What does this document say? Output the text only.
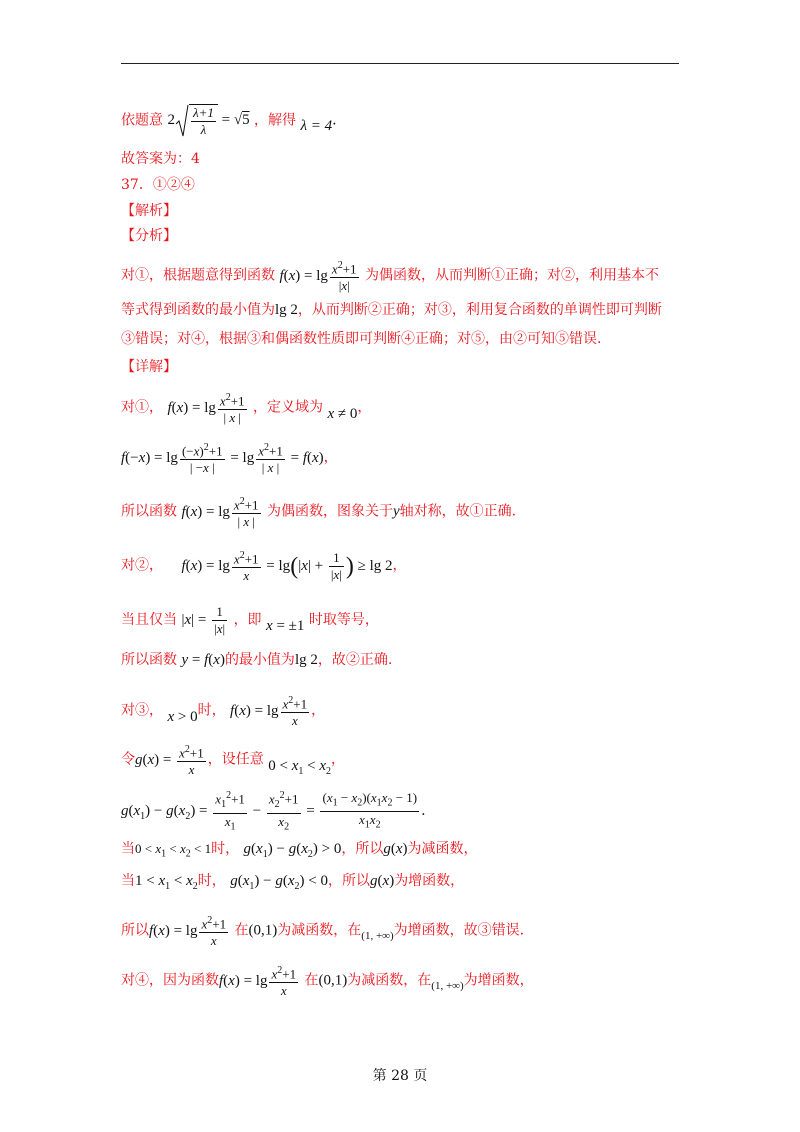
依题意 $2 \frac{\lambda+1}{\lambda} = √5$ ，解得 λ = 4.
故答案为：4
37．①②④
【解析】
【分析】
对①，根据题意得到函数 $f(x) = \lg \frac{x^2+1}{|x|}$ 为偶函数，从而判断①正确；对②，利用基本不
等式得到函数的最小值为lg 2，从而判断②正确；对③，利用复合函数的单调性即可判断
③错误；对④，根据③和偶函数性质即可判断④正确；对⑤，由②可知⑤错误.
【详解】
对①， $f(x) = \lg \frac{x^2+1}{| x |}$ ，定义域为 x ≠ 0，
$f(-x) = \lg \frac{(-x)^2+1}{| -x |} = \lg \frac{x^2+1}{| x |} = f(x)$，
所以函数 $f(x) = \lg \frac{x^2+1}{| x |}$ 为偶函数，图象关于y轴对称，故①正确.
对②， $f(x) = \lg \frac{x^2+1}{x} = \lg(|x| + \frac{1}{|x|}$ ) ≥ lg 2，
当且仅当 $|x| = \frac{1}{|x|}$ ，即 x = ±1 时取等号，
所以函数 y = f(x)的最小值为lg 2，故②正确.
对③， x > 0时， $f(x) = \lg \frac{x^2+1}{x}$ ，
令$g(x) = \frac{x^2+1}{x}$ ，设任意 $0 < x_1 < x_2$，
$g(x_1) - g(x_2) = \frac{x_1^2+1}{x_1} - \frac{x_2^2+1}{x_2} = \frac{(x_1 - x_2)(x_1x_2 - 1)}{x_1x_2}$ .
当$0 < x_1 < x_2 < 1$时， $g(x_1) - g(x_2) > 0$，所以g(x)为减函数，
当$1 < x_1 < x_2$时， $g(x_1) - g(x_2) < 0$，所以g(x)为增函数，
所以$f(x) = \lg \frac{x^2+1}{x}$ 在(0,1)为减函数，在$_{(1, +\infty)}$为增函数，故③错误.
对④，因为函数$f(x) = \lg \frac{x^2+1}{x}$ 在(0,1)为减函数，在$_{(1, +\infty)}$为增函数，
第 28 页
